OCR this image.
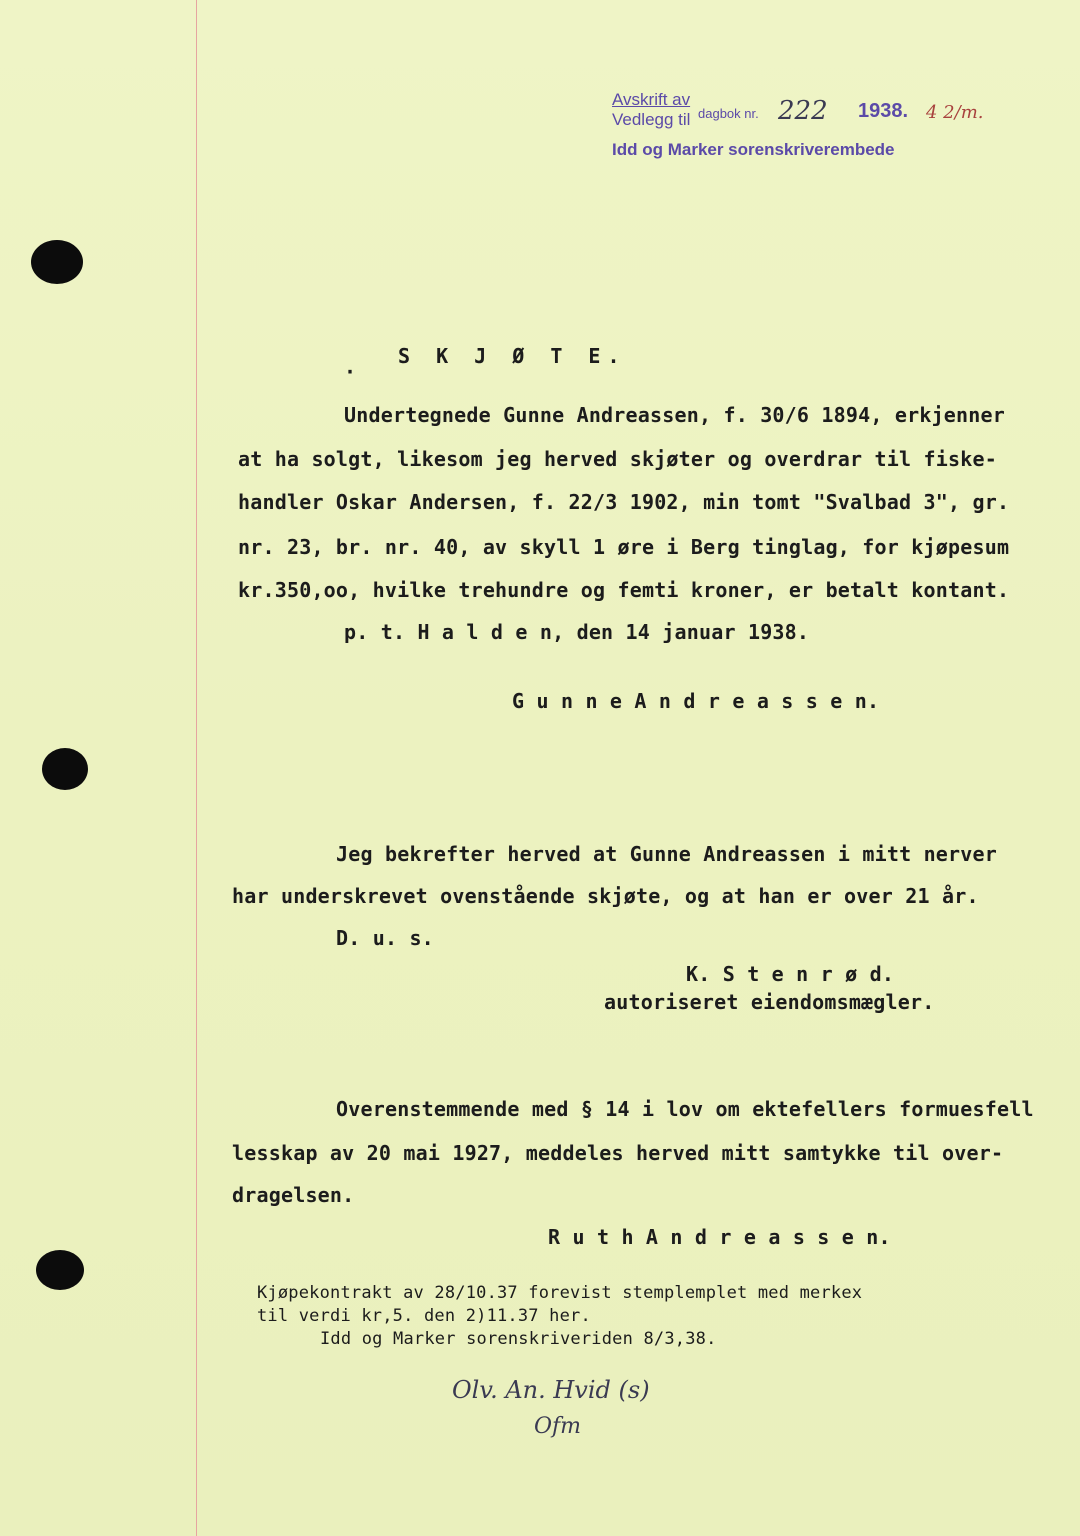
Avskrift av
Vedlegg til dagbok nr.
Idd og Marker sorenskriverembede
222 1938. 4 2/m.
S K J Ø T E.
·
Undertegnede Gunne Andreassen, f. 30/6 1894, erkjenner
at ha solgt, likesom jeg herved skjøter og overdrar til fiske-
handler Oskar Andersen, f. 22/3 1902, min tomt "Svalbad 3", gr.
nr. 23, br. nr. 40, av skyll 1 øre i Berg tinglag, for kjøpesum
kr.350,oo, hvilke trehundre og femti kroner, er betalt kontant.
p. t. H a l d e n, den 14 januar 1938.
G u n n e A n d r e a s s e n.
Jeg bekrefter herved at Gunne Andreassen i mitt nerver
har underskrevet ovenstående skjøte, og at han er over 21 år.
D. u. s.
K. S t e n r ø d.
autoriseret eiendomsmægler.
Overenstemmende med § 14 i lov om ektefellers formuesfell
lesskap av 20 mai 1927, meddeles herved mitt samtykke til over-
dragelsen.
R u t h A n d r e a s s e n.
Kjøpekontrakt av 28/10.37 forevist stemplemplet med merkex
til verdi kr,5. den 2)11.37 her.
Idd og Marker sorenskriveriden 8/3,38.
Olv. An. Hvid (s)
Ofm
